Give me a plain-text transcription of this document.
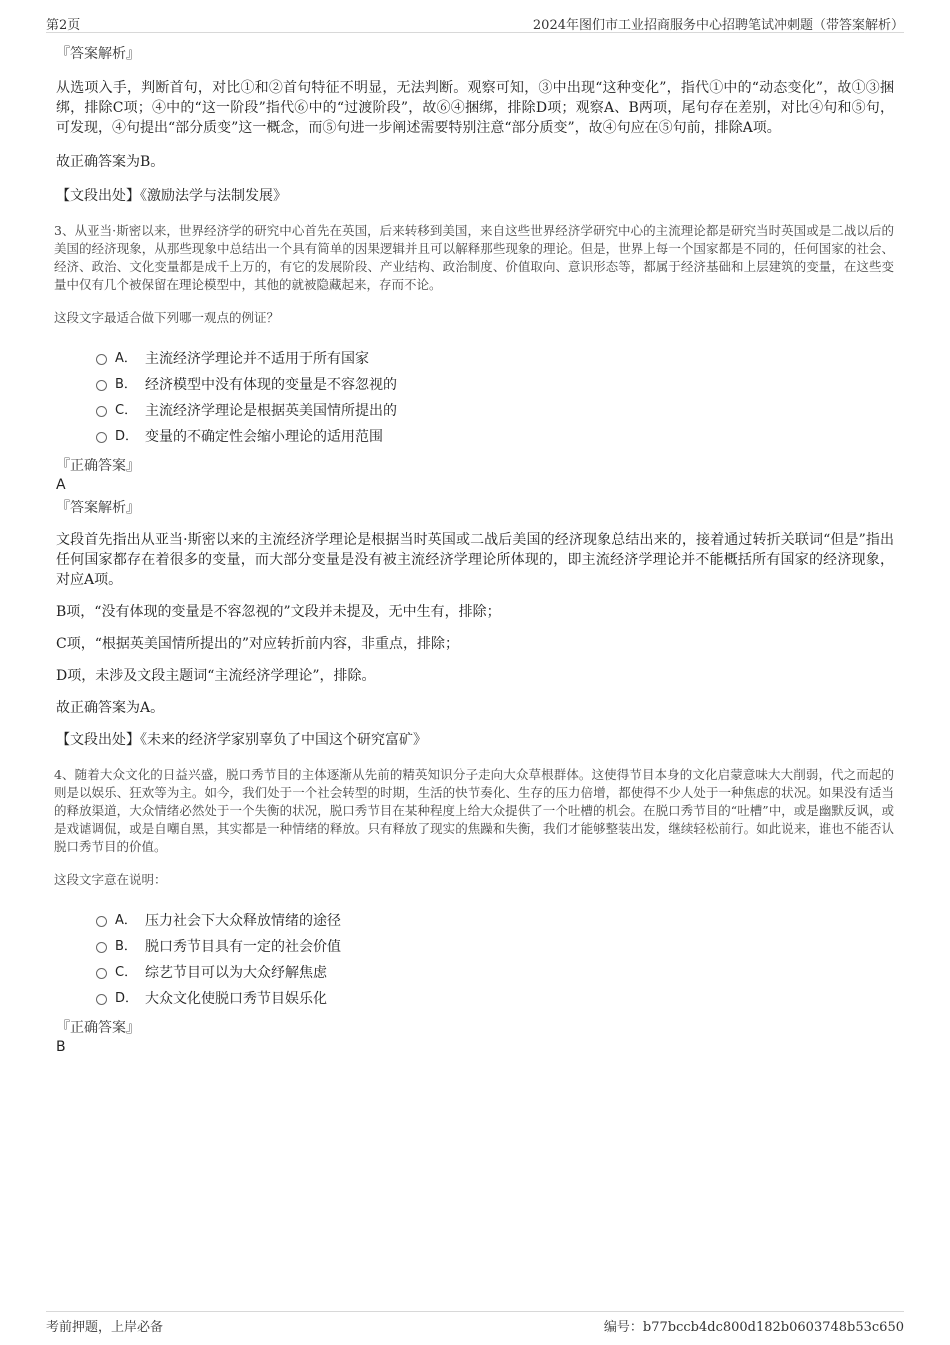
第2页	2024年图们市工业招商服务中心招聘笔试冲刺题（带答案解析）
『答案解析』

从选项入手，判断首句，对比①和②首句特征不明显，无法判断。观察可知，③中出现“这种变化”，指代①中的“动态变化”，故①③捆绑，排除C项；④中的“这一阶段”指代⑥中的“过渡阶段”，故⑥④捆绑，排除D项；观察A、B两项，尾句存在差别，对比④句和⑤句，可发现，④句提出“部分质变”这一概念，而⑤句进一步阐述需要特别注意“部分质变”，故④句应在⑤句前，排除A项。

故正确答案为B。

【文段出处】《激励法学与法制发展》

3、从亚当·斯密以来，世界经济学的研究中心首先在英国，后来转移到美国，来自这些世界经济学研究中心的主流理论都是研究当时英国或是二战以后的美国的经济现象，从那些现象中总结出一个具有简单的因果逻辑并且可以解释那些现象的理论。但是，世界上每一个国家都是不同的，任何国家的社会、经济、政治、文化变量都是成千上万的，有它的发展阶段、产业结构、政治制度、价值取向、意识形态等，都属于经济基础和上层建筑的变量，在这些变量中仅有几个被保留在理论模型中，其他的就被隐藏起来，存而不论。

这段文字最适合做下列哪一观点的例证？
A． 主流经济学理论并不适用于所有国家
B． 经济模型中没有体现的变量是不容忽视的
C． 主流经济学理论是根据英美国情所提出的
D． 变量的不确定性会缩小理论的适用范围
『正确答案』
A
『答案解析』

文段首先指出从亚当·斯密以来的主流经济学理论是根据当时英国或二战后美国的经济现象总结出来的，接着通过转折关联词“但是”指出任何国家都存在着很多的变量，而大部分变量是没有被主流经济学理论所体现的，即主流经济学理论并不能概括所有国家的经济现象，对应A项。

B项，“没有体现的变量是不容忽视的”文段并未提及，无中生有，排除；

C项，“根据英美国情所提出的”对应转折前内容，非重点，排除；

D项，未涉及文段主题词“主流经济学理论”，排除。

故正确答案为A。

【文段出处】《未来的经济学家别辜负了中国这个研究富矿》

4、随着大众文化的日益兴盛，脱口秀节目的主体逐渐从先前的精英知识分子走向大众草根群体。这使得节目本身的文化启蒙意味大大削弱，代之而起的则是以娱乐、狂欢等为主。如今，我们处于一个社会转型的时期，生活的快节奏化、生存的压力倍增，都使得不少人处于一种焦虑的状况。如果没有适当的释放渠道，大众情绪必然处于一个失衡的状况，脱口秀节目在某种程度上给大众提供了一个吐槽的机会。在脱口秀节目的“吐槽”中，或是幽默反讽，或是戏谑调侃，或是自嘲自黑，其实都是一种情绪的释放。只有释放了现实的焦躁和失衡，我们才能够整装出发，继续轻松前行。如此说来，谁也不能否认脱口秀节目的价值。

这段文字意在说明：
A． 压力社会下大众释放情绪的途径
B． 脱口秀节目具有一定的社会价值
C． 综艺节目可以为大众纾解焦虑
D． 大众文化使脱口秀节目娱乐化
『正确答案』
B
考前押题，上岸必备	编号：b77bccb4dc800d182b0603748b53c650
